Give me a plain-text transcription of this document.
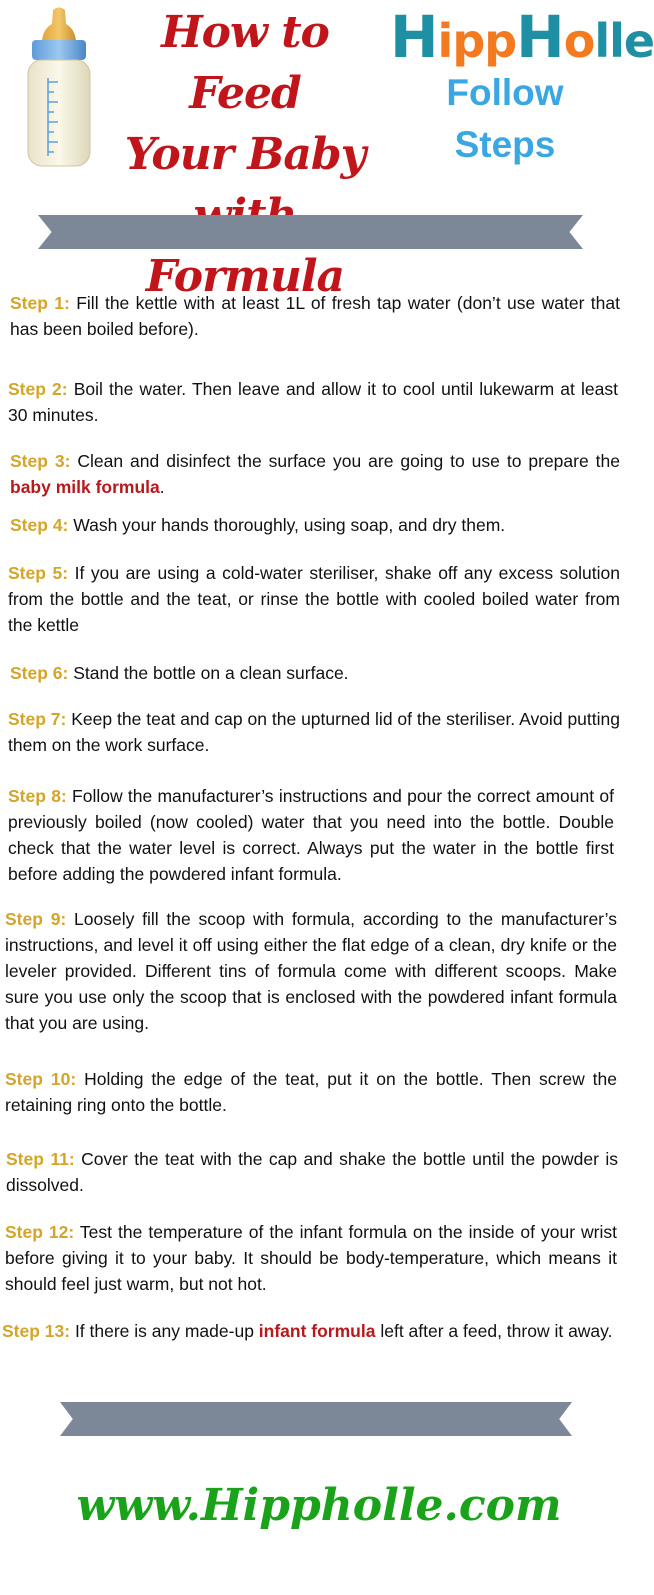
How to Feed
Your Baby
Formula
HippHolle
Follow
Steps
Step 1: Fill the kettle with at least 1L of fresh tap water (don’t use water that has been boiled before).
Step 2: Boil the water. Then leave and allow it to cool until lukewarm at least 30 minutes.
Step 3: Clean and disinfect the surface you are going to use to prepare the baby milk formula.
Step 4: Wash your hands thoroughly, using soap, and dry them.
Step 5: If you are using a cold-water steriliser, shake off any excess solution from the bottle and the teat, or rinse the bottle with cooled boiled water from the kettle
Step 6: Stand the bottle on a clean surface.
Step 7: Keep the teat and cap on the upturned lid of the steriliser. Avoid putting them on the work surface.
Step 8: Follow the manufacturer’s instructions and pour the correct amount of previously boiled (now cooled) water that you need into the bottle. Double check that the water level is correct. Always put the water in the bottle first before adding the powdered infant formula.
Step 9: Loosely fill the scoop with formula, according to the manufacturer’s instructions, and level it off using either the flat edge of a clean, dry knife or the leveler provided. Different tins of formula come with different scoops. Make sure you use only the scoop that is enclosed with the powdered infant formula that you are using.
Step 10: Holding the edge of the teat, put it on the bottle. Then screw the retaining ring onto the bottle.
Step 11: Cover the teat with the cap and shake the bottle until the powder is dissolved.
Step 12: Test the temperature of the infant formula on the inside of your wrist before giving it to your baby. It should be body-temperature, which means it should feel just warm, but not hot.
Step 13: If there is any made-up infant formula left after a feed, throw it away.
www.Hippholle.com
